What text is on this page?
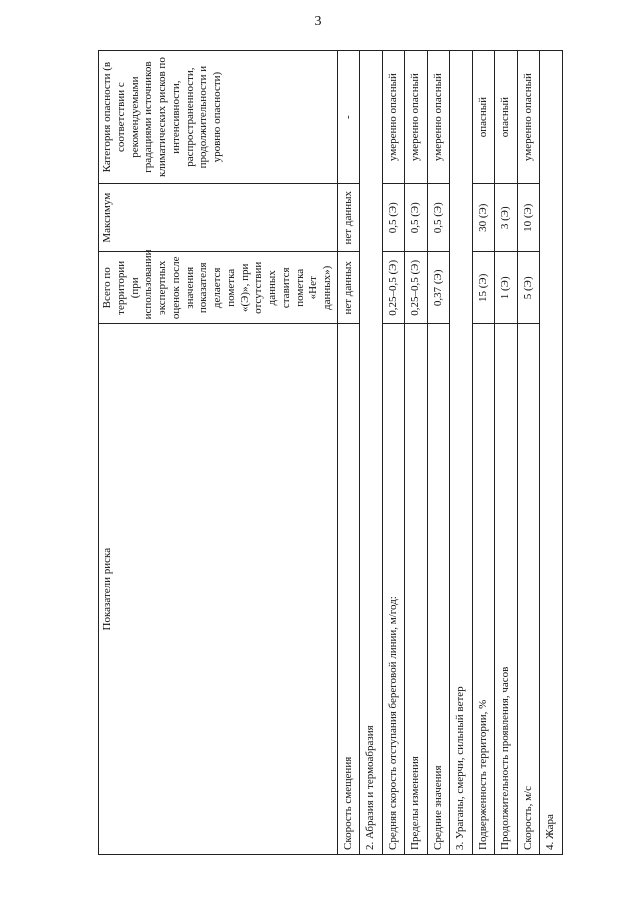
3
Показатели риска	Всего по территории (при использовании экспертных оценок после значения показателя делается пометка «(Э)», при отсутствии данных ставится пометка «Нет данных»)	Максимум	Категория опасности (в соответствии с рекомендуемыми градациями источников климатических рисков по интенсивности, распространенности, продолжительности и уровню опасности)
Скорость смещения	нет данных	нет данных	-
2. Абразия и термоабразия			
Средняя скорость отступания береговой линии, м/год:	0,25–0,5 (Э)	0,5 (Э)	умеренно опасный
Пределы изменения	0,25–0,5 (Э)	0,5 (Э)	умеренно опасный
Средние значения	0,37 (Э)	0,5 (Э)	умеренно опасный
3. Ураганы, смерчи, сильный ветер			
Подверженность территории, %	15 (Э)	30 (Э)	опасный
Продолжительность проявления, часов	1 (Э)	3 (Э)	опасный
Скорость, м/с	5 (Э)	10 (Э)	умеренно опасный
4. Жара			
